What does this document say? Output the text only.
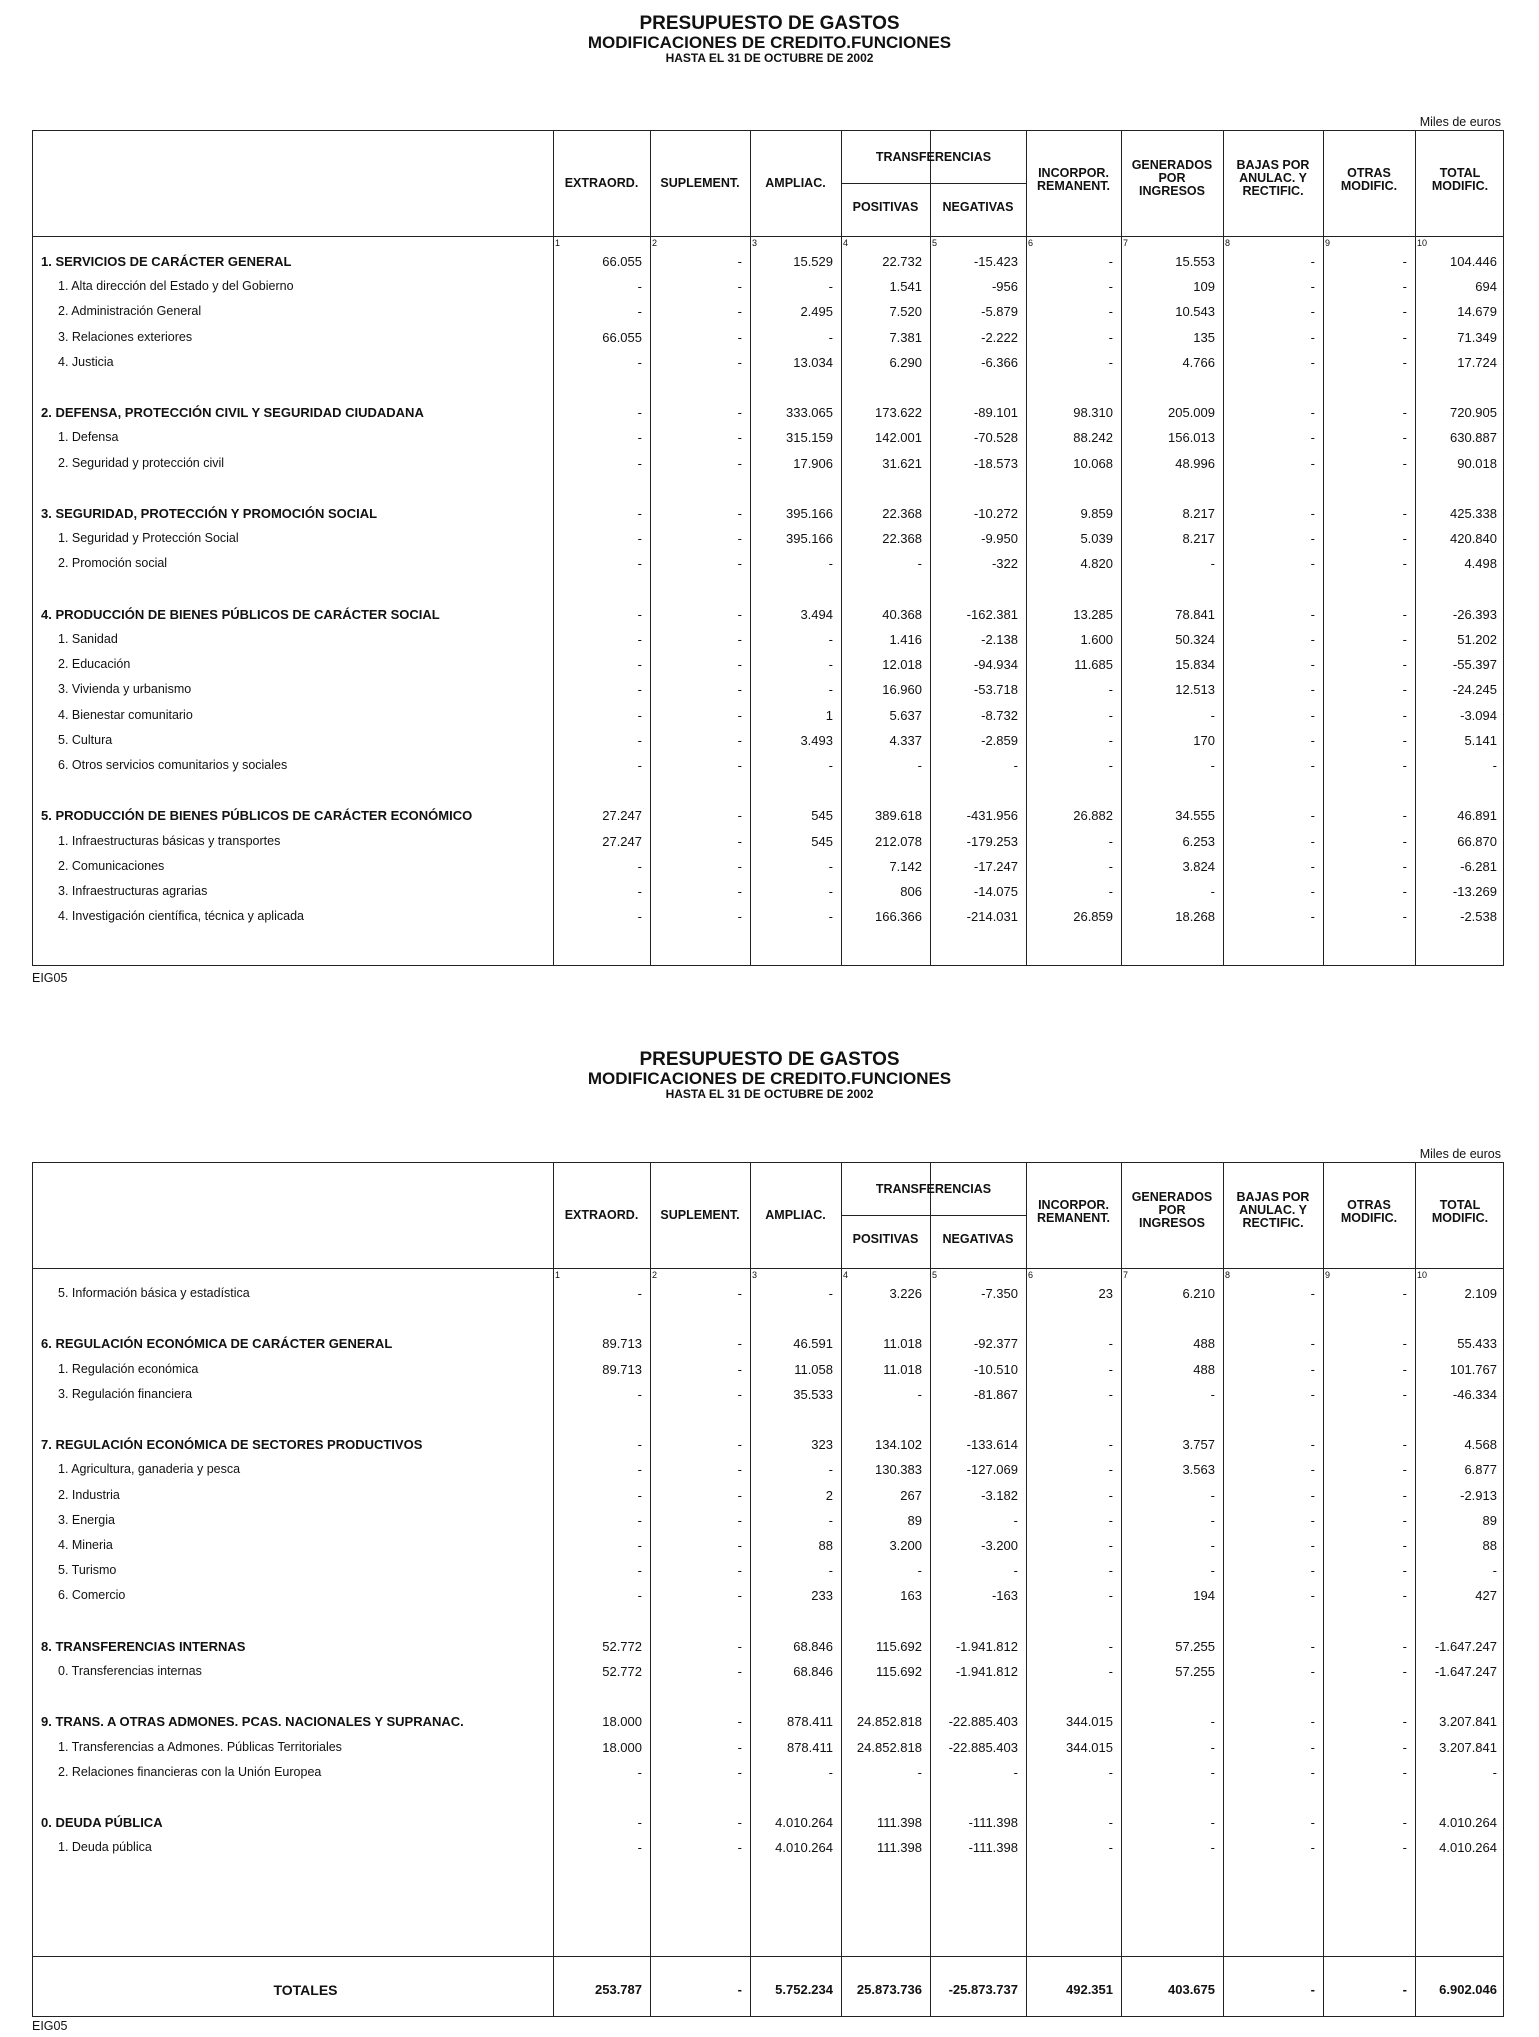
PRESUPUESTO DE GASTOS
MODIFICACIONES DE CREDITO.FUNCIONES
HASTA EL 31 DE OCTUBRE DE 2002
Miles de euros
EXTRAORD.	SUPLEMENT.	AMPLIAC.
TRANSFERENCIAS
POSITIVAS	NEGATIVAS
INCORPOR. REMANENT.
GENERADOS POR INGRESOS
BAJAS POR ANULAC. Y RECTIFIC.
OTRAS MODIFIC.
TOTAL MODIFIC.
1	2	3	4	5	6	7	8	9	10
1. SERVICIOS DE CARÁCTER GENERAL	66.055	-	15.529	22.732	-15.423	-	15.553	-	-	104.446
1. Alta dirección del Estado y del Gobierno	-	-	-	1.541	-956	-	109	-	-	694
2. Administración General	-	-	2.495	7.520	-5.879	-	10.543	-	-	14.679
3. Relaciones exteriores	66.055	-	-	7.381	-2.222	-	135	-	-	71.349
4. Justicia	-	-	13.034	6.290	-6.366	-	4.766	-	-	17.724
2. DEFENSA, PROTECCIÓN CIVIL Y SEGURIDAD CIUDADANA	-	-	333.065	173.622	-89.101	98.310	205.009	-	-	720.905
1. Defensa	-	-	315.159	142.001	-70.528	88.242	156.013	-	-	630.887
2. Seguridad y protección civil	-	-	17.906	31.621	-18.573	10.068	48.996	-	-	90.018
3. SEGURIDAD, PROTECCIÓN Y PROMOCIÓN SOCIAL	-	-	395.166	22.368	-10.272	9.859	8.217	-	-	425.338
1. Seguridad y Protección Social	-	-	395.166	22.368	-9.950	5.039	8.217	-	-	420.840
2. Promoción social	-	-	-	-	-322	4.820	-	-	-	4.498
4. PRODUCCIÓN DE BIENES PÚBLICOS DE CARÁCTER SOCIAL	-	-	3.494	40.368	-162.381	13.285	78.841	-	-	-26.393
1. Sanidad	-	-	-	1.416	-2.138	1.600	50.324	-	-	51.202
2. Educación	-	-	-	12.018	-94.934	11.685	15.834	-	-	-55.397
3. Vivienda y urbanismo	-	-	-	16.960	-53.718	-	12.513	-	-	-24.245
4. Bienestar comunitario	-	-	1	5.637	-8.732	-	-	-	-	-3.094
5. Cultura	-	-	3.493	4.337	-2.859	-	170	-	-	5.141
6. Otros servicios comunitarios y sociales	-	-	-	-	-	-	-	-	-	-
5. PRODUCCIÓN DE BIENES PÚBLICOS DE CARÁCTER ECONÓMICO	27.247	-	545	389.618	-431.956	26.882	34.555	-	-	46.891
1. Infraestructuras básicas y transportes	27.247	-	545	212.078	-179.253	-	6.253	-	-	66.870
2. Comunicaciones	-	-	-	7.142	-17.247	-	3.824	-	-	-6.281
3. Infraestructuras agrarias	-	-	-	806	-14.075	-	-	-	-	-13.269
4. Investigación científica, técnica y aplicada	-	-	-	166.366	-214.031	26.859	18.268	-	-	-2.538
EIG05
PRESUPUESTO DE GASTOS
MODIFICACIONES DE CREDITO.FUNCIONES
HASTA EL 31 DE OCTUBRE DE 2002
Miles de euros
EXTRAORD.	SUPLEMENT.	AMPLIAC.
TRANSFERENCIAS
POSITIVAS	NEGATIVAS
INCORPOR. REMANENT.
GENERADOS POR INGRESOS
BAJAS POR ANULAC. Y RECTIFIC.
OTRAS MODIFIC.
TOTAL MODIFIC.
1	2	3	4	5	6	7	8	9	10
5. Información básica y estadística	-	-	-	3.226	-7.350	23	6.210	-	-	2.109
6. REGULACIÓN ECONÓMICA DE CARÁCTER GENERAL	89.713	-	46.591	11.018	-92.377	-	488	-	-	55.433
1. Regulación económica	89.713	-	11.058	11.018	-10.510	-	488	-	-	101.767
3. Regulación financiera	-	-	35.533	-	-81.867	-	-	-	-	-46.334
7. REGULACIÓN ECONÓMICA DE SECTORES PRODUCTIVOS	-	-	323	134.102	-133.614	-	3.757	-	-	4.568
1. Agricultura, ganaderia y pesca	-	-	-	130.383	-127.069	-	3.563	-	-	6.877
2. Industria	-	-	2	267	-3.182	-	-	-	-	-2.913
3. Energia	-	-	-	89	-	-	-	-	-	89
4. Mineria	-	-	88	3.200	-3.200	-	-	-	-	88
5. Turismo	-	-	-	-	-	-	-	-	-	-
6. Comercio	-	-	233	163	-163	-	194	-	-	427
8. TRANSFERENCIAS INTERNAS	52.772	-	68.846	115.692	-1.941.812	-	57.255	-	-	-1.647.247
0. Transferencias internas	52.772	-	68.846	115.692	-1.941.812	-	57.255	-	-	-1.647.247
9. TRANS. A OTRAS ADMONES. PCAS. NACIONALES Y SUPRANAC.	18.000	-	878.411	24.852.818	-22.885.403	344.015	-	-	-	3.207.841
1. Transferencias a Admones. Públicas Territoriales	18.000	-	878.411	24.852.818	-22.885.403	344.015	-	-	-	3.207.841
2. Relaciones financieras con la Unión Europea	-	-	-	-	-	-	-	-	-	-
0. DEUDA PÚBLICA	-	-	4.010.264	111.398	-111.398	-	-	-	-	4.010.264
1. Deuda pública	-	-	4.010.264	111.398	-111.398	-	-	-	-	4.010.264
TOTALES	253.787	-	5.752.234	25.873.736	-25.873.737	492.351	403.675	-	-	6.902.046
EIG05
